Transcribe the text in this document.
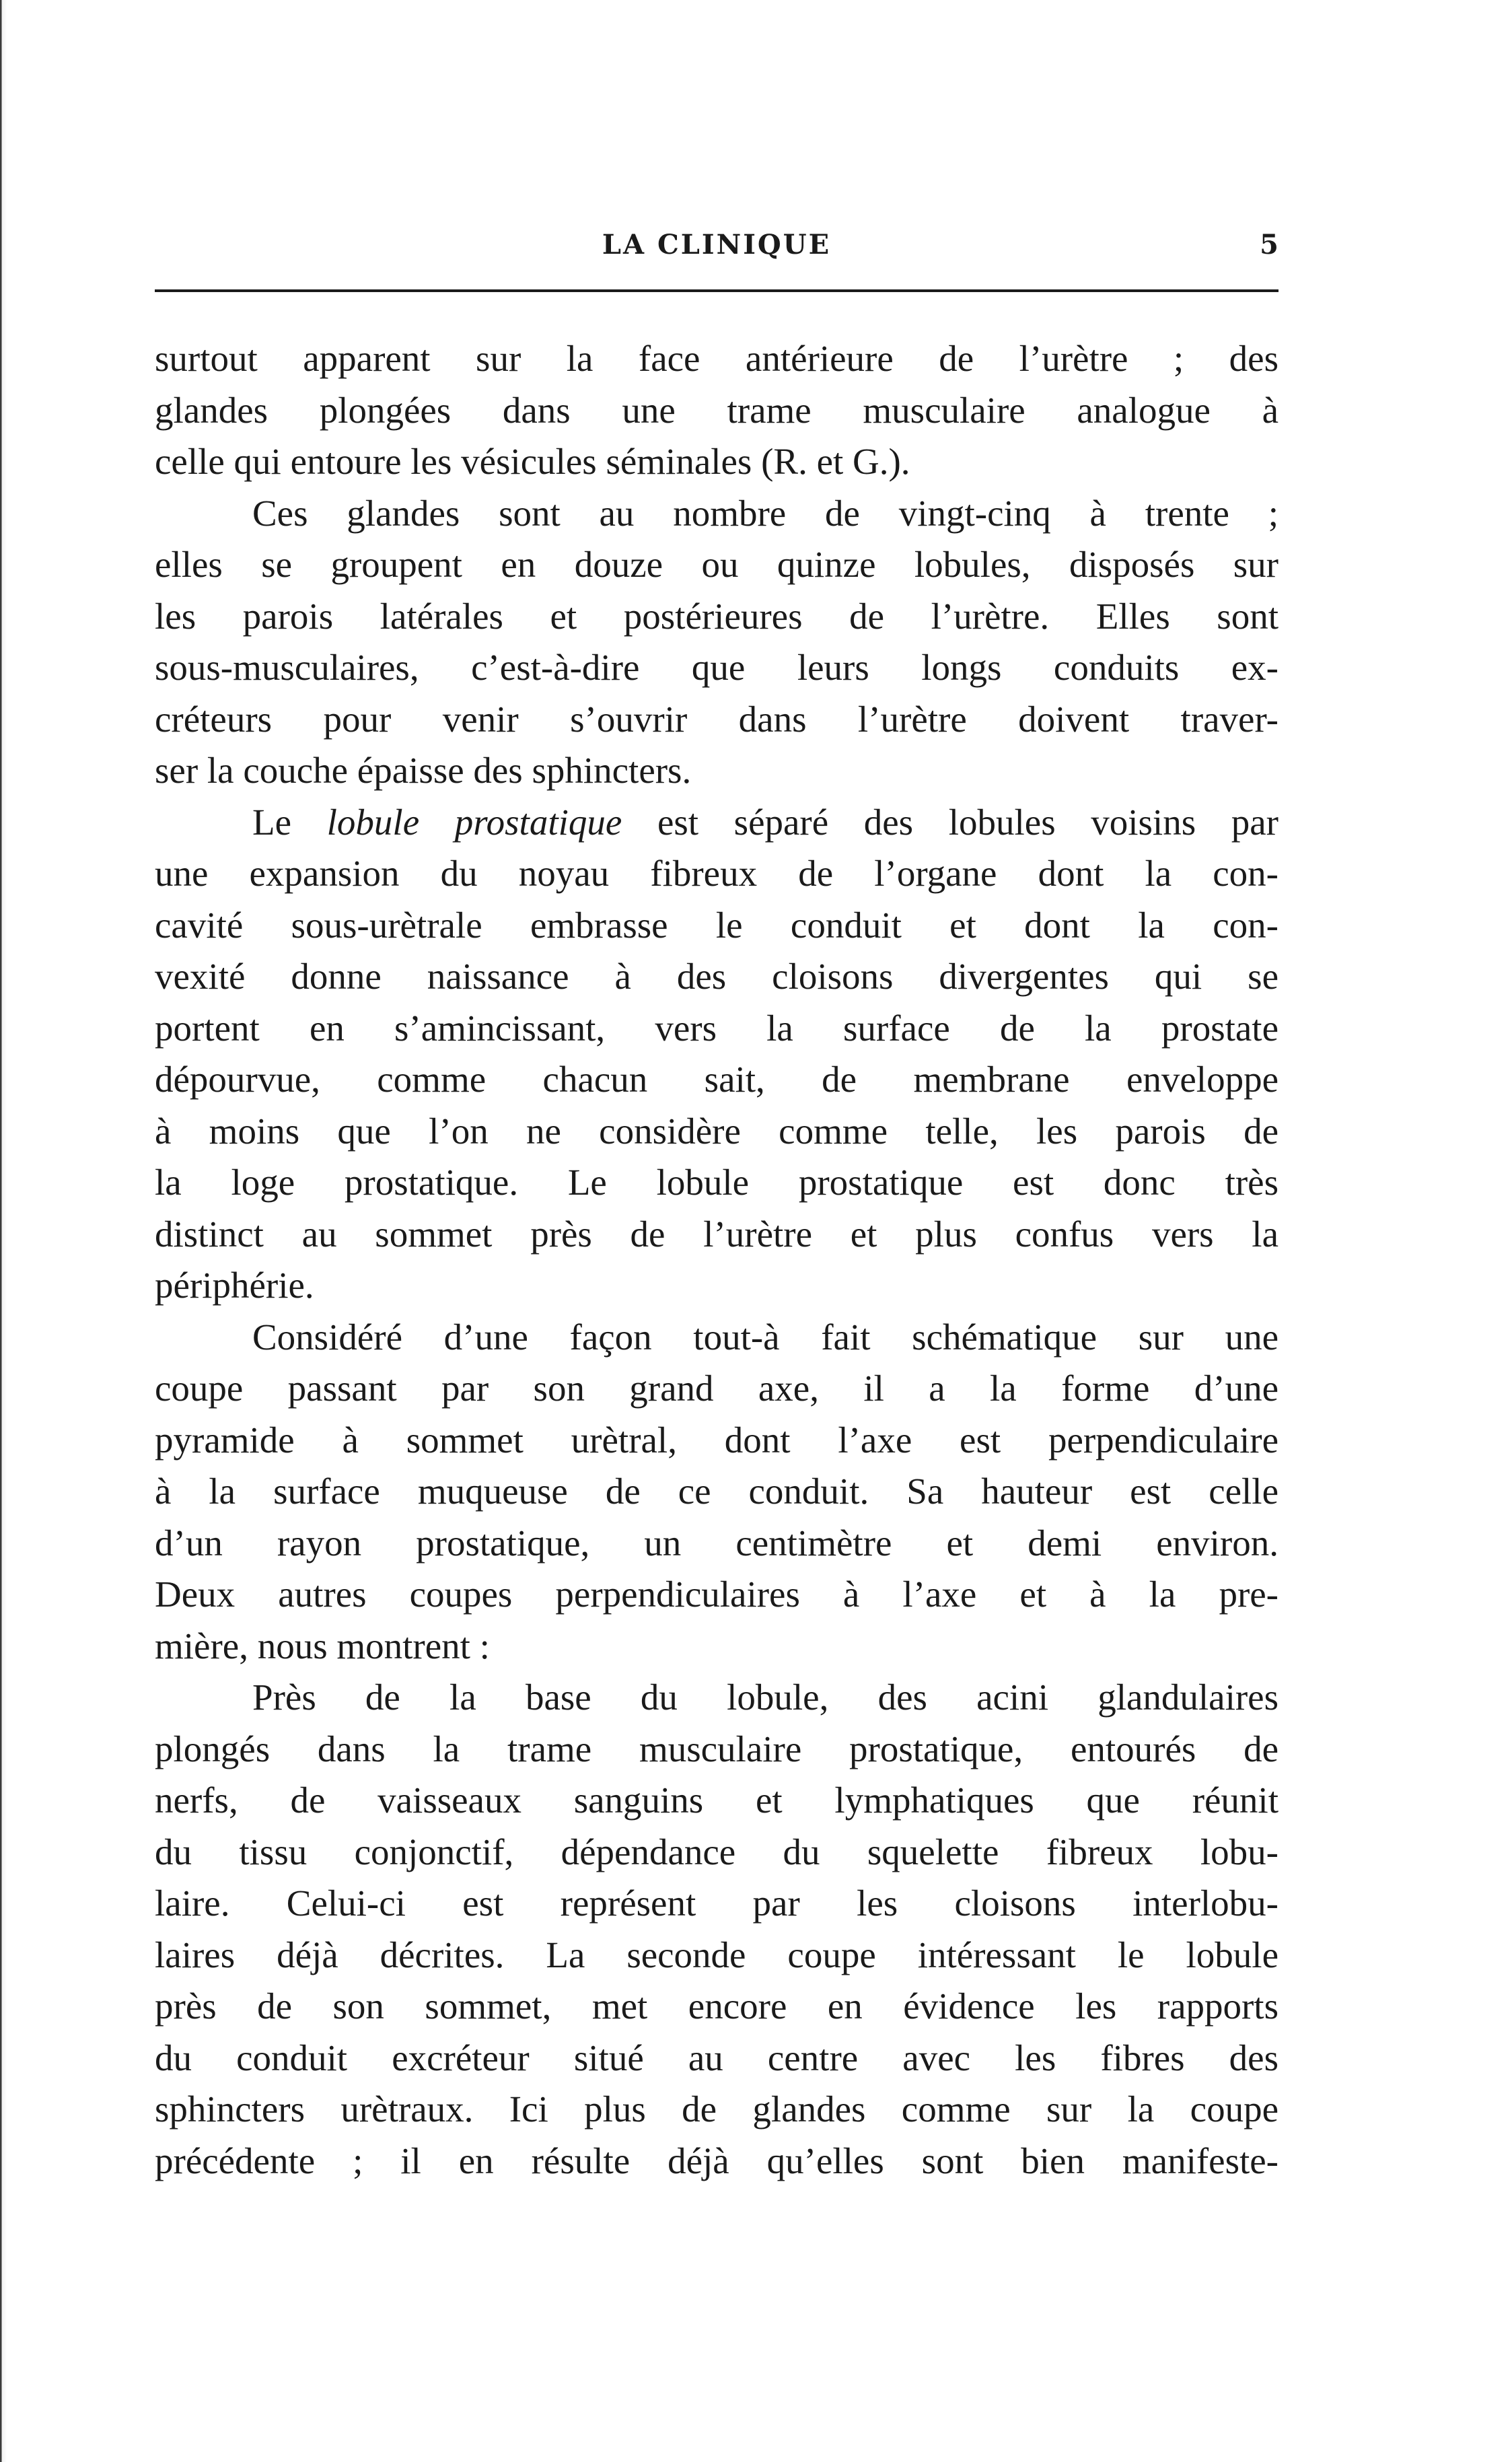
LA CLINIQUE	5
surtout apparent sur la face antérieure de l’urètre ; des
glandes plongées dans une trame musculaire analogue à
celle qui entoure les vésicules séminales (R. et G.).
Ces glandes sont au nombre de vingt-cinq à trente ;
elles se groupent en douze ou quinze lobules, disposés sur
les parois latérales et postérieures de l’urètre. Elles sont
sous-musculaires, c’est-à-dire que leurs longs conduits ex-
créteurs pour venir s’ouvrir dans l’urètre doivent traver-
ser la couche épaisse des sphincters.
Le lobule prostatique est séparé des lobules voisins par
une expansion du noyau fibreux de l’organe dont la con-
cavité sous-urètrale embrasse le conduit et dont la con-
vexité donne naissance à des cloisons divergentes qui se
portent en s’amincissant, vers la surface de la prostate
dépourvue, comme chacun sait, de membrane enveloppe
à moins que l’on ne considère comme telle, les parois de
la loge prostatique. Le lobule prostatique est donc très
distinct au sommet près de l’urètre et plus confus vers la
périphérie.
Considéré d’une façon tout-à fait schématique sur une
coupe passant par son grand axe, il a la forme d’une
pyramide à sommet urètral, dont l’axe est perpendiculaire
à la surface muqueuse de ce conduit. Sa hauteur est celle
d’un rayon prostatique, un centimètre et demi environ.
Deux autres coupes perpendiculaires à l’axe et à la pre-
mière, nous montrent :
Près de la base du lobule, des acini glandulaires
plongés dans la trame musculaire prostatique, entourés de
nerfs, de vaisseaux sanguins et lymphatiques que réunit
du tissu conjonctif, dépendance du squelette fibreux lobu-
laire. Celui-ci est représent par les cloisons interlobu-
laires déjà décrites. La seconde coupe intéressant le lobule
près de son sommet, met encore en évidence les rapports
du conduit excréteur situé au centre avec les fibres des
sphincters urètraux. Ici plus de glandes comme sur la coupe
précédente ; il en résulte déjà qu’elles sont bien manifeste-
